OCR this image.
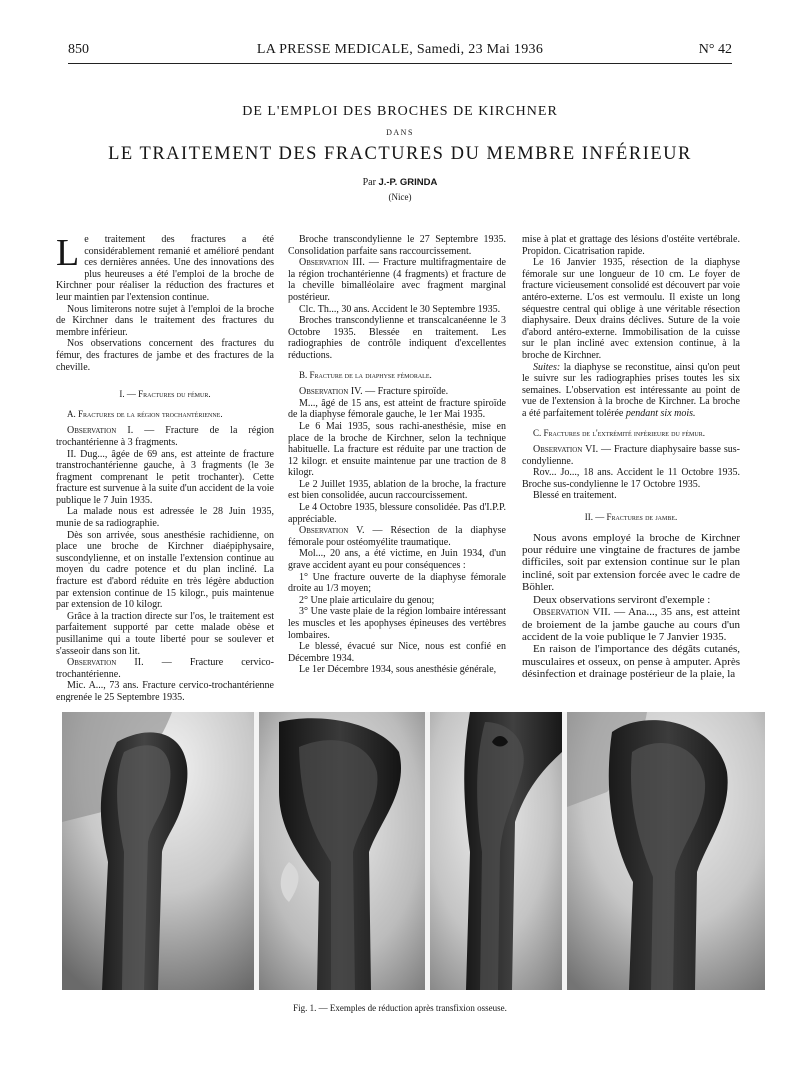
850	LA PRESSE MEDICALE, Samedi, 23 Mai 1936	N° 42
DE L'EMPLOI DES BROCHES DE KIRCHNER
DANS
LE TRAITEMENT DES FRACTURES DU MEMBRE INFÉRIEUR
Par J.-P. GRINDA
(Nice)

Le traitement des fractures a été considérablement remanié et amélioré pendant ces dernières années. Une des innovations des plus heureuses a été l'emploi de la broche de Kirchner pour réaliser la réduction des fractures et leur maintien par l'extension continue.

Nous limiterons notre sujet à l'emploi de la broche de Kirchner dans le traitement des fractures du membre inférieur.

Nos observations concernent des fractures du fémur, des fractures de jambe et des fractures de la cheville.

I. — Fractures du fémur.
A. Fractures de la région trochantérienne.

Observation I. — Fracture de la région trochantérienne à 3 fragments.

II. Dug..., âgée de 69 ans, est atteinte de fracture transtrochantérienne gauche, à 3 fragments (le 3e fragment comprenant le petit trochanter). Cette fracture est survenue à la suite d'un accident de la voie publique le 7 Juin 1935.

La malade nous est adressée le 28 Juin 1935, munie de sa radiographie.

Dès son arrivée, sous anesthésie rachidienne, on place une broche de Kirchner diaépiphysaire, suscondylienne, et on installe l'extension continue au moyen du cadre potence et du plan incliné. La fracture est d'abord réduite en très légère abduction par extension continue de 15 kilogr., puis maintenue par extension de 10 kilogr.

Grâce à la traction directe sur l'os, le traitement est parfaitement supporté par cette malade obèse et pusillanime qui a toute liberté pour se soulever et s'asseoir dans son lit.

Observation II. — Fracture cervico-trochantérienne.

Mic. A..., 73 ans. Fracture cervico-trochantérienne engrenée le 25 Septembre 1935.

Broche transcondylienne le 27 Septembre 1935. Consolidation parfaite sans raccourcissement.

Observation III. — Fracture multifragmentaire de la région trochantérienne (4 fragments) et fracture de la cheville bimalléolaire avec fragment marginal postérieur.

Clc. Th..., 30 ans. Accident le 30 Septembre 1935.

Broches transcondylienne et transcalcanéenne le 3 Octobre 1935. Blessée en traitement. Les radiographies de contrôle indiquent d'excellentes réductions.

B. Fracture de la diaphyse fémorale.

Observation IV. — Fracture spiroïde.

M..., âgé de 15 ans, est atteint de fracture spiroïde de la diaphyse fémorale gauche, le 1er Mai 1935.

Le 6 Mai 1935, sous rachi-anesthésie, mise en place de la broche de Kirchner, selon la technique habituelle. La fracture est réduite par une traction de 12 kilogr. et ensuite maintenue par une traction de 8 kilogr.

Le 2 Juillet 1935, ablation de la broche, la fracture est bien consolidée, aucun raccourcissement.

Le 4 Octobre 1935, blessure consolidée. Pas d'I.P.P. appréciable.

Observation V. — Résection de la diaphyse fémorale pour ostéomyélite traumatique.

Mol..., 20 ans, a été victime, en Juin 1934, d'un grave accident ayant eu pour conséquences :

1° Une fracture ouverte de la diaphyse fémorale droite au 1/3 moyen;

2° Une plaie articulaire du genou;

3° Une vaste plaie de la région lombaire intéressant les muscles et les apophyses épineuses des vertèbres lombaires.

Le blessé, évacué sur Nice, nous est confié en Décembre 1934.

Le 1er Décembre 1934, sous anesthésie générale,

mise à plat et grattage des lésions d'ostéite vertébrale. Propidon. Cicatrisation rapide.

Le 16 Janvier 1935, résection de la diaphyse fémorale sur une longueur de 10 cm. Le foyer de fracture vicieusement consolidé est découvert par voie antéro-externe. L'os est vermoulu. Il existe un long séquestre central qui oblige à une véritable résection diaphysaire. Deux drains déclives. Suture de la voie d'abord antéro-externe. Immobilisation de la cuisse sur le plan incliné avec extension continue, à la broche de Kirchner.

Suites: la diaphyse se reconstitue, ainsi qu'on peut le suivre sur les radiographies prises toutes les six semaines. L'observation est intéressante au point de vue de l'extension à la broche de Kirchner. La broche a été parfaitement tolérée pendant six mois.

C. Fractures de l'extrémité inférieure du fémur.

Observation VI. — Fracture diaphysaire basse sus-condylienne.

Rov... Jo..., 18 ans. Accident le 11 Octobre 1935. Broche sus-condylienne le 17 Octobre 1935.

Blessé en traitement.

II. — Fractures de jambe.

Nous avons employé la broche de Kirchner pour réduire une vingtaine de fractures de jambe difficiles, soit par extension continue sur le plan incliné, soit par extension forcée avec le cadre de Böhler.

Deux observations serviront d'exemple :

Observation VII. — Ana..., 35 ans, est atteint de broiement de la jambe gauche au cours d'un accident de la voie publique le 7 Janvier 1935.

En raison de l'importance des dégâts cutanés, musculaires et osseux, on pense à amputer. Après désinfection et drainage postérieur de la plaie, la

Fig. 1. — Exemples de réduction après transfixion osseuse.
